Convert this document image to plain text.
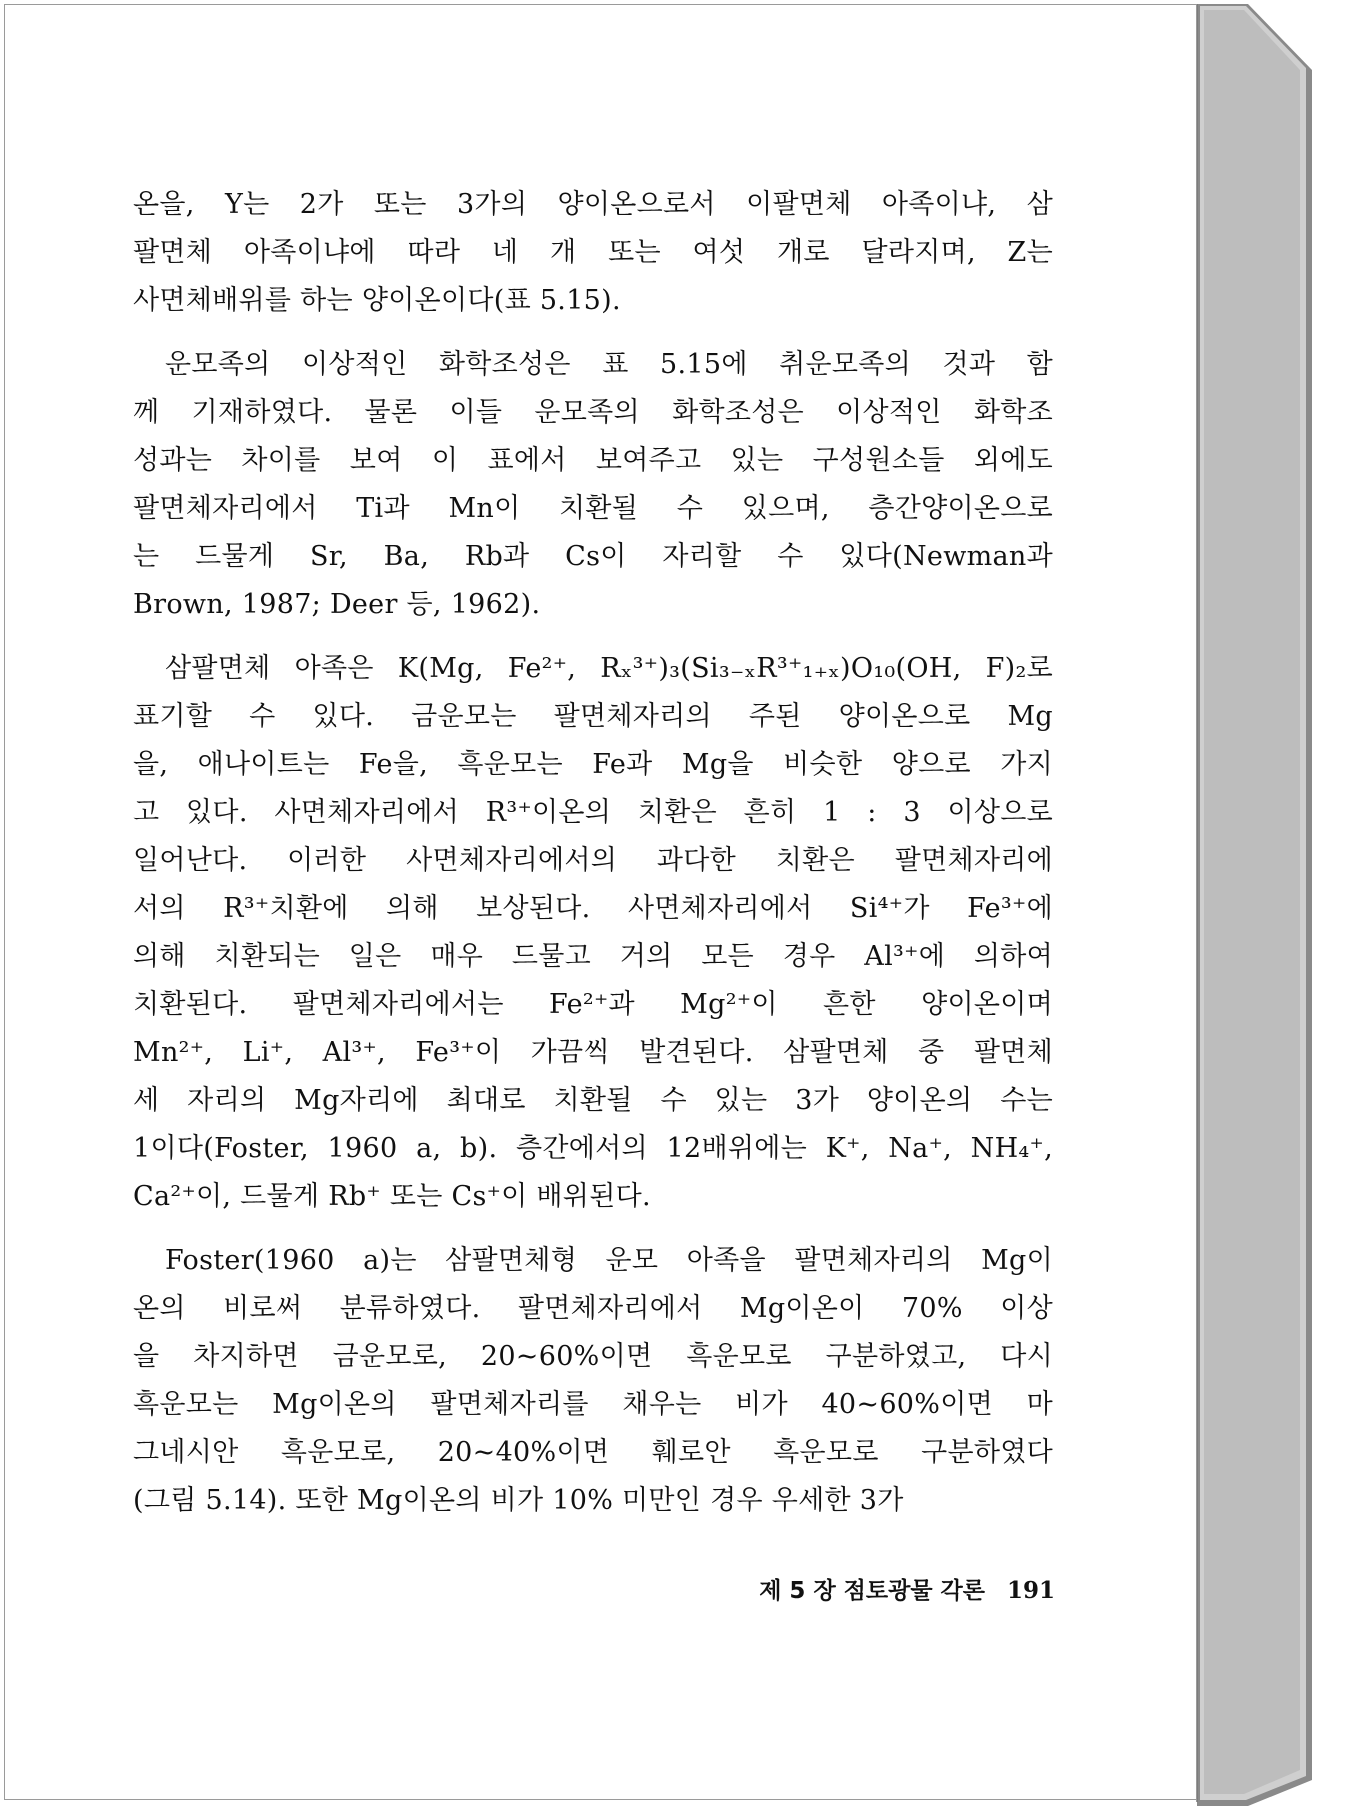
온을, Y는 2가 또는 3가의 양이온으로서 이팔면체 아족이냐, 삼
팔면체 아족이냐에 따라 네 개 또는 여섯 개로 달라지며, Z는
사면체배위를 하는 양이온이다(표 5.15).
운모족의 이상적인 화학조성은 표 5.15에 취운모족의 것과 함
께 기재하였다. 물론 이들 운모족의 화학조성은 이상적인 화학조
성과는 차이를 보여 이 표에서 보여주고 있는 구성원소들 외에도
팔면체자리에서 Ti과 Mn이 치환될 수 있으며, 층간양이온으로
는 드물게 Sr, Ba, Rb과 Cs이 자리할 수 있다(Newman과
Brown, 1987; Deer 등, 1962).
삼팔면체 아족은 K(Mg, Fe²⁺, Rₓ³⁺)₃(Si₃₋ₓR³⁺₁₊ₓ)O₁₀(OH, F)₂로
표기할 수 있다. 금운모는 팔면체자리의 주된 양이온으로 Mg
을, 애나이트는 Fe을, 흑운모는 Fe과 Mg을 비슷한 양으로 가지
고 있다. 사면체자리에서 R³⁺이온의 치환은 흔히 1 : 3 이상으로
일어난다. 이러한 사면체자리에서의 과다한 치환은 팔면체자리에
서의 R³⁺치환에 의해 보상된다. 사면체자리에서 Si⁴⁺가 Fe³⁺에
의해 치환되는 일은 매우 드물고 거의 모든 경우 Al³⁺에 의하여
치환된다. 팔면체자리에서는 Fe²⁺과 Mg²⁺이 흔한 양이온이며
Mn²⁺, Li⁺, Al³⁺, Fe³⁺이 가끔씩 발견된다. 삼팔면체 중 팔면체
세 자리의 Mg자리에 최대로 치환될 수 있는 3가 양이온의 수는
1이다(Foster, 1960 a, b). 층간에서의 12배위에는 K⁺, Na⁺, NH₄⁺,
Ca²⁺이, 드물게 Rb⁺ 또는 Cs⁺이 배위된다.
Foster(1960 a)는 삼팔면체형 운모 아족을 팔면체자리의 Mg이
온의 비로써 분류하였다. 팔면체자리에서 Mg이온이 70% 이상
을 차지하면 금운모로, 20~60%이면 흑운모로 구분하였고, 다시
흑운모는 Mg이온의 팔면체자리를 채우는 비가 40~60%이면 마
그네시안 흑운모로, 20~40%이면 훼로안 흑운모로 구분하였다
(그림 5.14). 또한 Mg이온의 비가 10% 미만인 경우 우세한 3가
제 5 장 점토광물 각론 191
